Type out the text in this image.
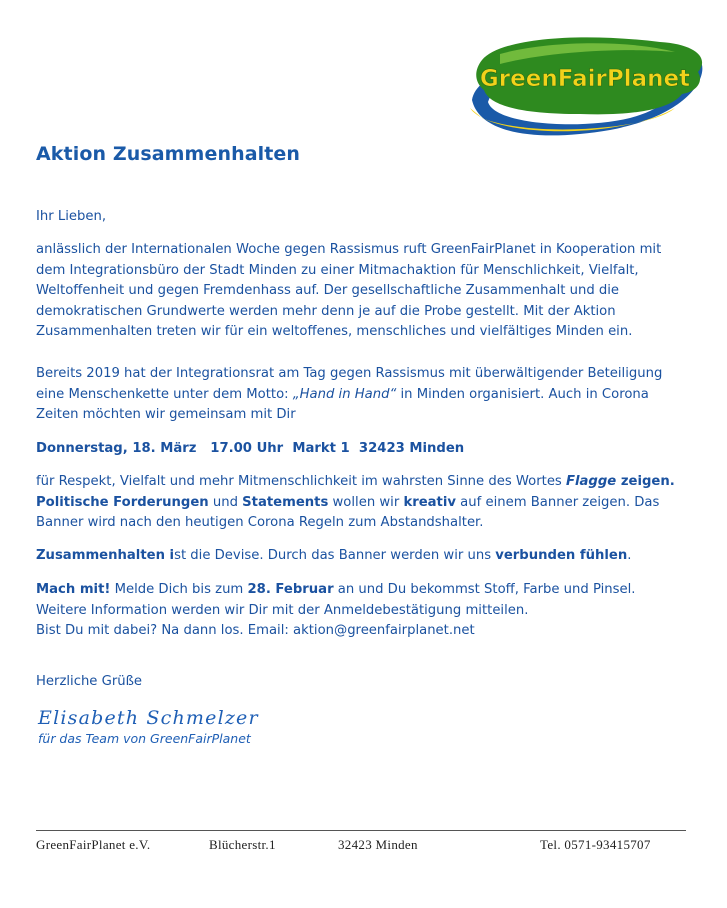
GreenFairPlanet
Aktion Zusammenhalten

Ihr Lieben,

anlässlich der Internationalen Woche gegen Rassismus ruft GreenFairPlanet in Kooperation mit dem Integrationsbüro der Stadt Minden zu einer Mitmachaktion für Menschlichkeit, Vielfalt, Weltoffenheit und gegen Fremdenhass auf. Der gesellschaftliche Zusammenhalt und die demokratischen Grundwerte werden mehr denn je auf die Probe gestellt. Mit der Aktion Zusammenhalten treten wir für ein weltoffenes, menschliches und vielfältiges Minden ein.

Bereits 2019 hat der Integrationsrat am Tag gegen Rassismus mit überwältigender Beteiligung eine Menschenkette unter dem Motto: „Hand in Hand“ in Minden organisiert. Auch in Corona Zeiten möchten wir gemeinsam mit Dir

Donnerstag, 18. März 17.00 Uhr Markt 1 32423 Minden

für Respekt, Vielfalt und mehr Mitmenschlichkeit im wahrsten Sinne des Wortes Flagge zeigen.
Politische Forderungen und Statements wollen wir kreativ auf einem Banner zeigen. Das Banner wird nach den heutigen Corona Regeln zum Abstandshalter.

Zusammenhalten ist die Devise. Durch das Banner werden wir uns verbunden fühlen.

Mach mit! Melde Dich bis zum 28. Februar an und Du bekommst Stoff, Farbe und Pinsel. Weitere Information werden wir Dir mit der Anmeldebestätigung mitteilen.

Bist Du mit dabei? Na dann los. Email: aktion@greenfairplanet.net

Herzliche Grüße

Elisabeth Schmelzer
für das Team von GreenFairPlanet
GreenFairPlanet e.V.	Blücherstr.1	32423 Minden	Tel. 0571-93415707
